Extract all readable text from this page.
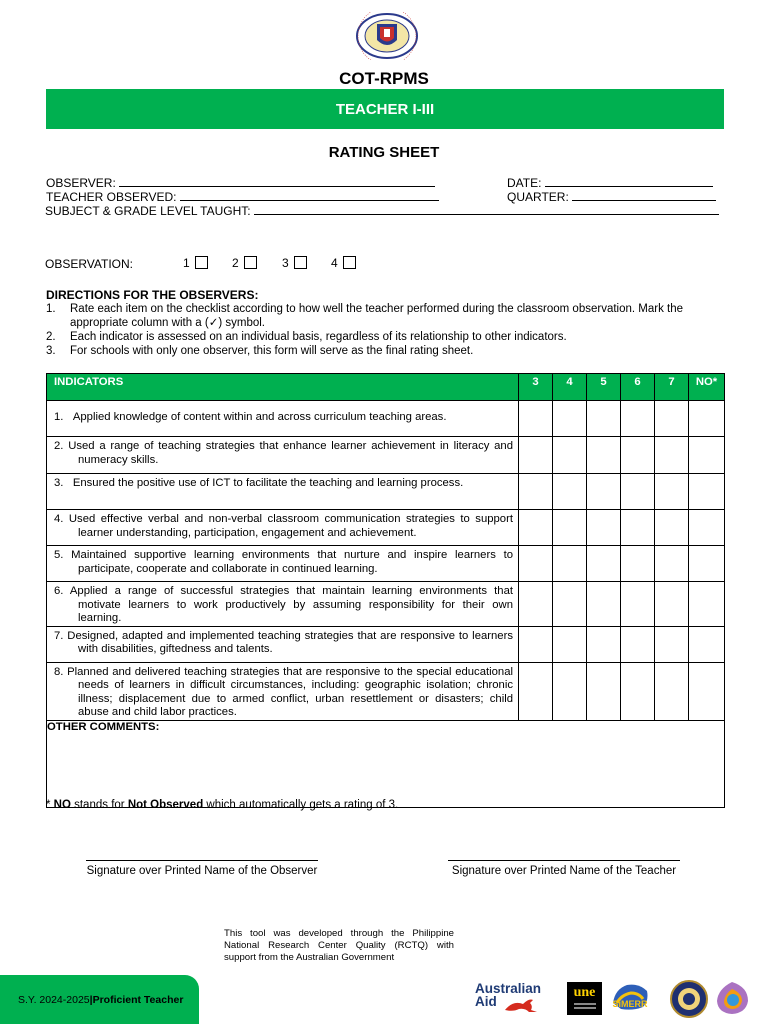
COT-RPMS
TEACHER I-III
RATING SHEET
OBSERVER:
TEACHER OBSERVED:
SUBJECT & GRADE LEVEL TAUGHT:
DATE:
QUARTER:
OBSERVATION:	1	2	3	4
DIRECTIONS FOR THE OBSERVERS:
1. Rate each item on the checklist according to how well the teacher performed during the classroom observation. Mark the appropriate column with a (✓) symbol.
2. Each indicator is assessed on an individual basis, regardless of its relationship to other indicators.
3. For schools with only one observer, this form will serve as the final rating sheet.
INDICATORS	3	4	5	6	7	NO*
1.   Applied knowledge of content within and across curriculum teaching areas.						

2. Used a range of teaching strategies that enhance learner achievement in literacy and numeracy skills.						

3.   Ensured the positive use of ICT to facilitate the teaching and learning process.						

4. Used effective verbal and non-verbal classroom communication strategies to support learner understanding, participation, engagement and achievement.						

5. Maintained supportive learning environments that nurture and inspire learners to participate, cooperate and collaborate in continued learning.						

6. Applied a range of successful strategies that maintain learning environments that motivate learners to work productively by assuming responsibility for their own learning.						

7. Designed, adapted and implemented teaching strategies that are responsive to learners with disabilities, giftedness and talents.						

8. Planned and delivered teaching strategies that are responsive to the special educational needs of learners in difficult circumstances, including: geographic isolation; chronic illness; displacement due to armed conflict, urban resettlement or disasters; child abuse and child labor practices.						

OTHER COMMENTS:						
* NO stands for Not Observed which automatically gets a rating of 3.
Signature over Printed Name of the Observer	Signature over Printed Name of the Teacher
This tool was developed through the Philippine National Research Center Quality (RCTQ) with support from the Australian Government
S.Y. 2024-2025 | Proficient Teacher
Australian
Aid
une
SiMERR
